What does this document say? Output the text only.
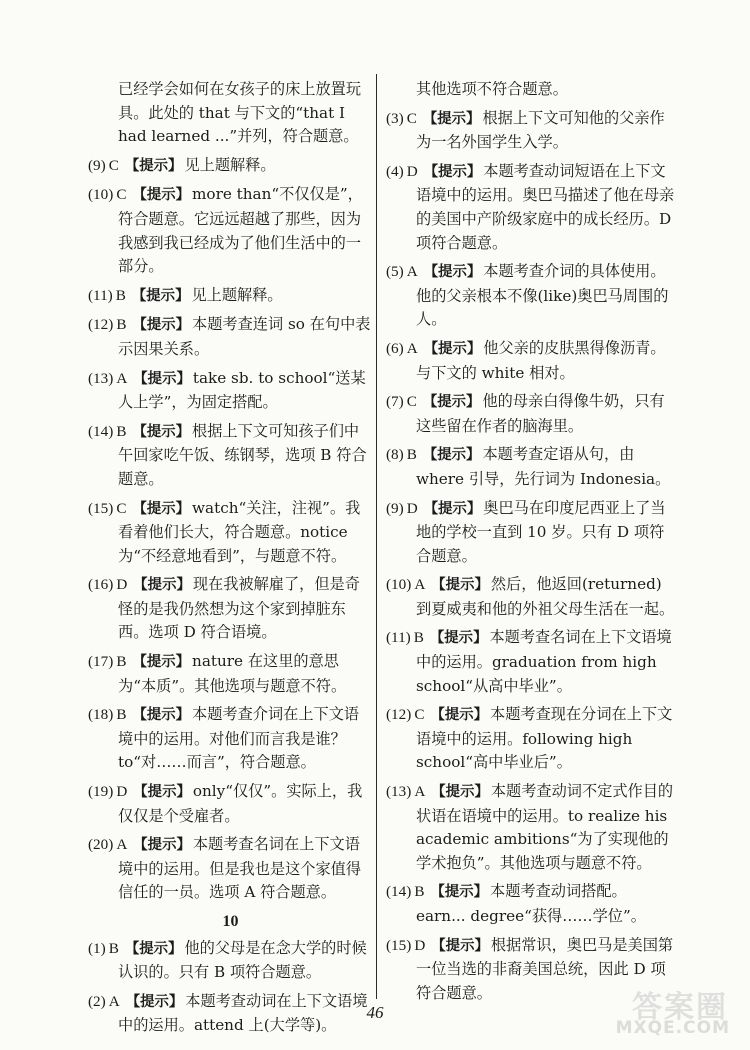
已经学会如何在女孩子的床上放置玩具。此处的 that 与下文的“that I had learned ...”并列，符合题意。
(9) C 【提示】 见上题解释。
(10) C 【提示】 more than“不仅仅是”，符合题意。它远远超越了那些，因为我感到我已经成为了他们生活中的一部分。
(11) B 【提示】 见上题解释。
(12) B 【提示】 本题考查连词 so 在句中表示因果关系。
(13) A 【提示】 take sb. to school“送某人上学”，为固定搭配。
(14) B 【提示】 根据上下文可知孩子们中午回家吃午饭、练钢琴，选项 B 符合题意。
(15) C 【提示】 watch“关注，注视”。我看着他们长大，符合题意。notice 为“不经意地看到”，与题意不符。
(16) D 【提示】 现在我被解雇了，但是奇怪的是我仍然想为这个家到掉脏东西。选项 D 符合语境。
(17) B 【提示】 nature 在这里的意思为“本质”。其他选项与题意不符。
(18) B 【提示】 本题考查介词在上下文语境中的运用。对他们而言我是谁？to“对……而言”，符合题意。
(19) D 【提示】 only“仅仅”。实际上，我仅仅是个受雇者。
(20) A 【提示】 本题考查名词在上下文语境中的运用。但是我也是这个家值得信任的一员。选项 A 符合题意。
10
(1) B 【提示】 他的父母是在念大学的时候认识的。只有 B 项符合题意。
(2) A 【提示】 本题考查动词在上下文语境中的运用。attend 上(大学等)。
其他选项不符合题意。
(3) C 【提示】 根据上下文可知他的父亲作为一名外国学生入学。
(4) D 【提示】 本题考查动词短语在上下文语境中的运用。奥巴马描述了他在母亲的美国中产阶级家庭中的成长经历。D 项符合题意。
(5) A 【提示】 本题考查介词的具体使用。他的父亲根本不像(like)奥巴马周围的人。
(6) A 【提示】 他父亲的皮肤黑得像沥青。与下文的 white 相对。
(7) C 【提示】 他的母亲白得像牛奶，只有这些留在作者的脑海里。
(8) B 【提示】 本题考查定语从句，由 where 引导，先行词为 Indonesia。
(9) D 【提示】 奥巴马在印度尼西亚上了当地的学校一直到 10 岁。只有 D 项符合题意。
(10) A 【提示】 然后，他返回(returned)到夏威夷和他的外祖父母生活在一起。
(11) B 【提示】 本题考查名词在上下文语境中的运用。graduation from high school“从高中毕业”。
(12) C 【提示】 本题考查现在分词在上下文语境中的运用。following high school“高中毕业后”。
(13) A 【提示】 本题考查动词不定式作目的状语在语境中的运用。to realize his academic ambitions“为了实现他的学术抱负”。其他选项与题意不符。
(14) B 【提示】 本题考查动词搭配。earn... degree“获得……学位”。
(15) D 【提示】 根据常识，奥巴马是美国第一位当选的非裔美国总统，因此 D 项符合题意。
46	答案圈
MXQE.COM
